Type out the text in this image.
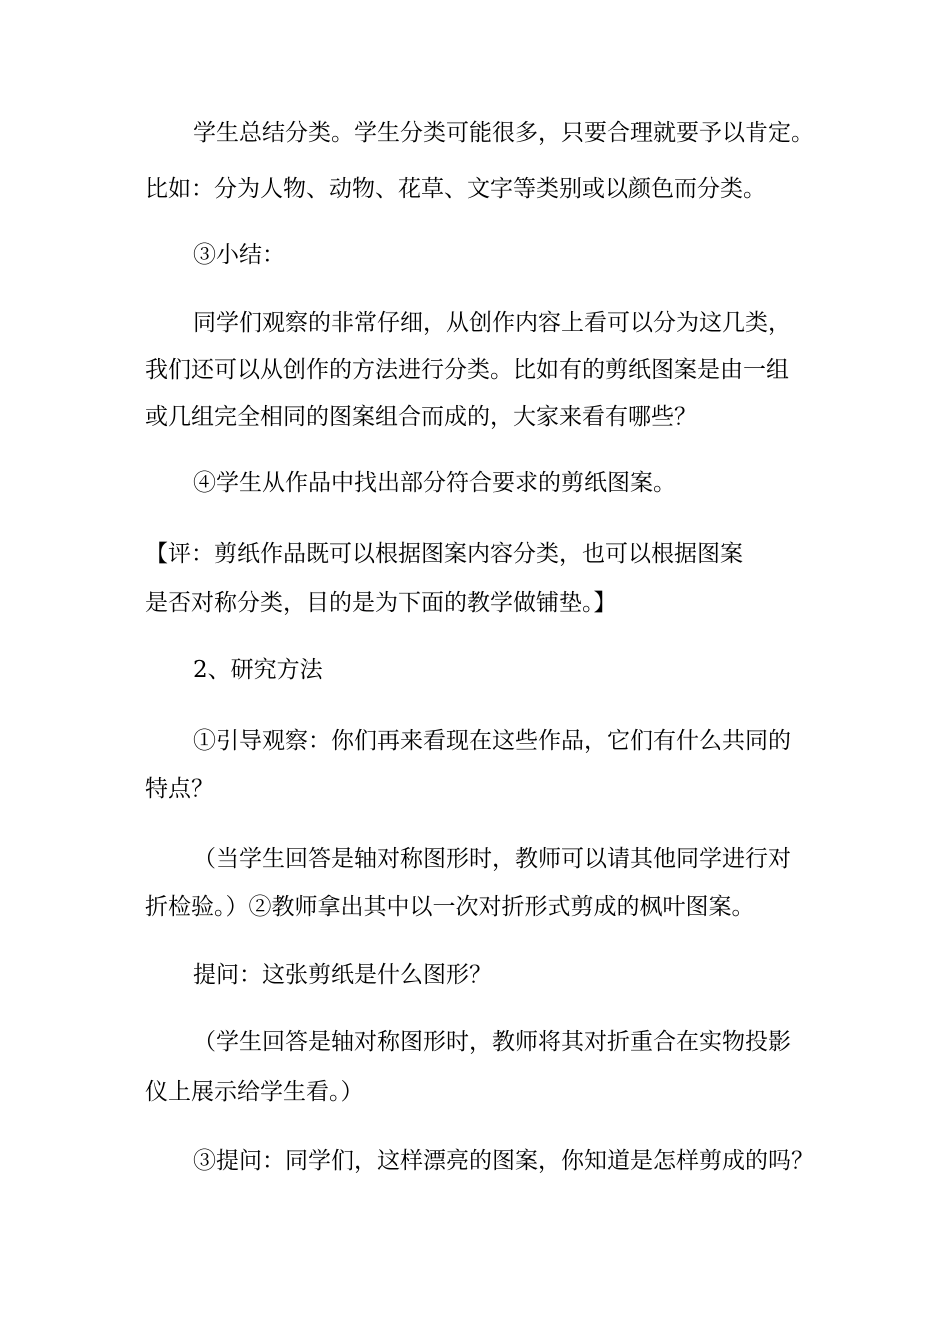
学生总结分类。学生分类可能很多，只要合理就要予以肯定。
比如：分为人物、动物、花草、文字等类别或以颜色而分类。
③小结：
同学们观察的非常仔细，从创作内容上看可以分为这几类，
我们还可以从创作的方法进行分类。比如有的剪纸图案是由一组
或几组完全相同的图案组合而成的，大家来看有哪些？
④学生从作品中找出部分符合要求的剪纸图案。
【评：剪纸作品既可以根据图案内容分类，也可以根据图案
是否对称分类，目的是为下面的教学做铺垫。】
2、研究方法
①引导观察：你们再来看现在这些作品，它们有什么共同的
特点？
（当学生回答是轴对称图形时，教师可以请其他同学进行对
折检验。）②教师拿出其中以一次对折形式剪成的枫叶图案。
提问：这张剪纸是什么图形？
（学生回答是轴对称图形时，教师将其对折重合在实物投影
仪上展示给学生看。）
③提问：同学们，这样漂亮的图案，你知道是怎样剪成的吗？
